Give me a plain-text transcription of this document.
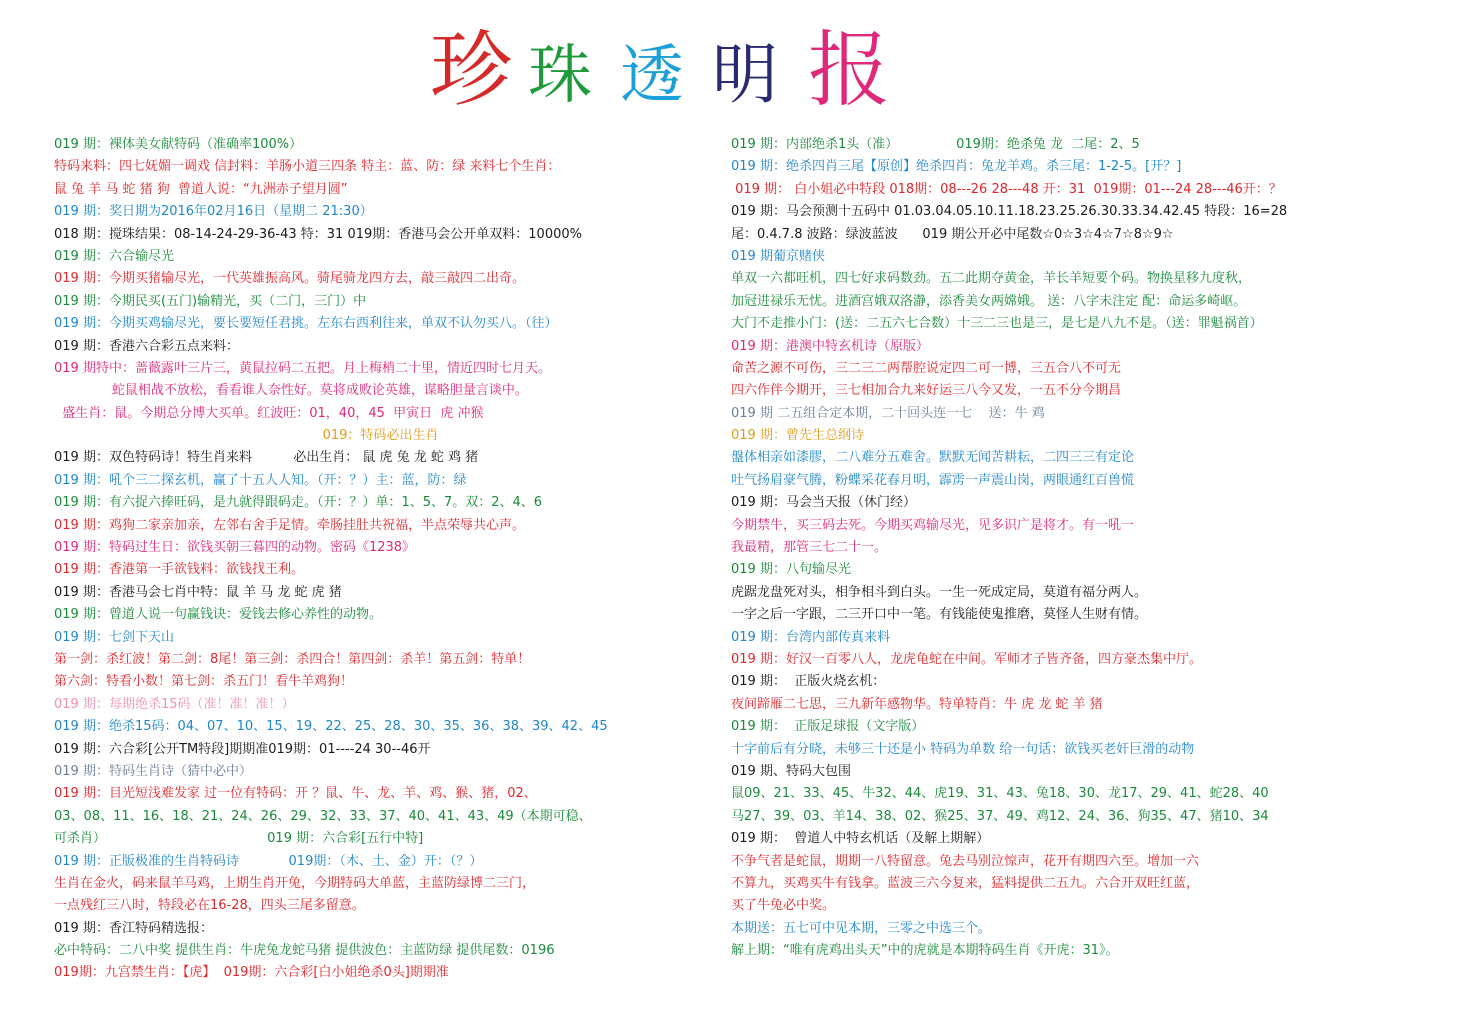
珍 珠 透 明 报
019 期：裸体美女献特码（准确率100%）
特码来料：四七妩媚一调戏 信封料：羊肠小道三四条 特主：蓝、防：绿 来料七个生肖：
鼠 兔 羊 马 蛇 猪 狗  曾道人说：“九洲赤子望月圆”
019 期：奖日期为2016年02月16日（星期二 21:30）
018 期：搅珠结果：08-14-24-29-36-43 特：31 019期：香港马会公开单双料：10000%
019 期：六合输尽光
019 期：今期买猪输尽光，一代英雄振高风。骑尾骑龙四方去，敲三敲四二出奇。
019 期：今期民买(五门)输精光，买（二门，三门）中
019 期：今期买鸡输尽光，要长要短任君挑。左东右西利往来，单双不认勿买八。（往）
019 期：香港六合彩五点来料：
019 期特中：蔷薇露叶三片三，黄鼠拉码二五把。月上梅梢二十里，情近四时七月天。
蛇鼠相战不放松，看看谁人奈性好。莫将成败论英雄，谋略胆量言谈中。
盛生肖：鼠。今期总分博大买单。红波旺：01，40，45  甲寅日  虎 冲猴
019：特码必出生肖
019 期：双色特码诗！特生肖来料          必出生肖： 鼠 虎 兔 龙 蛇 鸡 猪
019 期：吼个三二探玄机，赢了十五人人知。（开：？）主：蓝，防：绿
019 期：有六捉六捧旺码，是九就得跟码走。（开：？）单：1、5、7。双：2、4、6
019 期：鸡狗二家亲加亲，左邻右舍手足情。牵肠挂肚共祝福，半点荣辱共心声。
019 期：特码过生日：欲钱买朝三暮四的动物。密码《1238》
019 期：香港第一手欲钱料：欲钱找王利。
019 期：香港马会七肖中特：鼠 羊 马 龙 蛇 虎 猪
019 期：曾道人说一句赢钱诀：爱钱去修心养性的动物。
019 期：七剑下天山
第一剑：杀红波！第二剑：8尾！第三剑：杀四合！第四剑：杀羊！第五剑：特单！
第六剑：特看小数！第七剑：杀五门！看牛羊鸡狗！
019 期：每期绝杀15码（准！准！准！）
019 期：绝杀15码：04、07、10、15、19、22、25、28、30、35、36、38、39、42、45
019 期：六合彩[公开TM特段]期期准019期：01----24 30--46开
019 期：特码生肖诗（猜中必中）
019 期：目光短浅难发家 过一位有特码：开 ？鼠、牛、龙、羊、鸡、猴、猪，02、
03、08、11、16、18、21、24、26、29、32、33、37、40、41、43、49（本期可稳、
可杀肖）                                       019 期：六合彩[五行中特]
019 期：正版极准的生肖特码诗            019期：（木、土、金）开：（？）
生肖在金火，码来鼠羊马鸡，上期生肖开兔，今期特码大单蓝，主蓝防绿博二三门，
一点残红三八时，特段必在16-28，四头三尾多留意。
019 期：香江特码精选报：
必中特码：二八中奖 提供生肖：牛虎兔龙蛇马猪 提供波色：主蓝防绿 提供尾数：0196
019期：九宫禁生肖：【虎】  019期：六合彩[白小姐绝杀0头]期期准
019 期：内部绝杀1头（准）              019期：绝杀兔 龙  二尾：2、5
019 期：绝杀四肖三尾【原创】绝杀四肖：兔龙羊鸡。杀三尾：1-2-5。[开？]
019 期： 白小姐必中特段 018期：08---26 28---48 开：31  019期：01---24 28---46开：？
019 期：马会预测十五码中 01.03.04.05.10.11.18.23.25.26.30.33.34.42.45 特段：16=28
尾：0.4.7.8 波路：绿波蓝波      019 期公开必中尾数☆0☆3☆4☆7☆8☆9☆
019 期葡京赌侠
单双一六都旺机，四七好求码数劲。五二此期夺黄金，羊长羊短要个码。物换星移九度秋，
加冠进禄乐无忧。进酒宫娥双洛瀞，添香美女两嫦娥。 送：八字未注定 配：命运多崎岖。
大门不走推小门：(送：二五六七合数）十三二三也是三，是七是八九不是。（送：罪魁祸首）
019 期：港澳中特玄机诗（原版）
命苦之源不可伤，三二三二两帮腔说定四二可一博，三五合八不可无
四六作伴今期开，三七相加合九来好运三八今又发，一五不分今期昌
019 期 二五组合定本期，二十回头连一七    送：牛 鸡
019 期：曾先生总纲诗
盤体相亲如漆膠，二八难分五难舍。默默无闻苦耕耘，二四三三有定论
吐气扬眉豪气腾，粉蝶采花春月明，霹雳一声震山岗，两眼通红百兽慌
019 期：马会当天报（休门经）
今期禁牛，买三码去死。今期买鸡输尽光，见多识广是将才。有一吼一
我最精，那管三七二十一。
019 期：八句输尽光
虎踞龙盘死对头，相争相斗到白头。一生一死成定局，莫道有福分两人。
一字之后一字跟，二三开口中一笔。有钱能使鬼推磨，莫怪人生财有情。
019 期：台湾内部传真来料
019 期：好汉一百零八人，龙虎龟蛇在中间。军师才子皆齐备，四方豪杰集中厅。
019 期：  正版火烧玄机：
夜间蹄雁二七思，三九新年感物华。特单特肖：牛 虎 龙 蛇 羊 猪
019 期：  正版足球报（文字版）
十字前后有分晓，未够三十还是小 特码为单数 给一句话：欲钱买老奸巨滑的动物
019 期、特码大包围
鼠09、21、33、45、牛32、44、虎19、31、43、兔18、30、龙17、29、41、蛇28、40
马27、39、03、羊14、38、02、猴25、37、49、鸡12、24、36、狗35、47、猪10、34
019 期：  曾道人中特玄机话（及解上期解）
不争气者是蛇鼠，期期一八特留意。兔去马别泣惊声，花开有期四六至。增加一六
不算九，买鸡买牛有钱拿。蓝波三六今复来，猛料提供二五九。六合开双旺红蓝，
买了牛兔必中奖。
本期送：五七可中见本期，三零之中选三个。
解上期：“唯有虎鸡出头天”中的虎就是本期特码生肖《开虎：31》。
